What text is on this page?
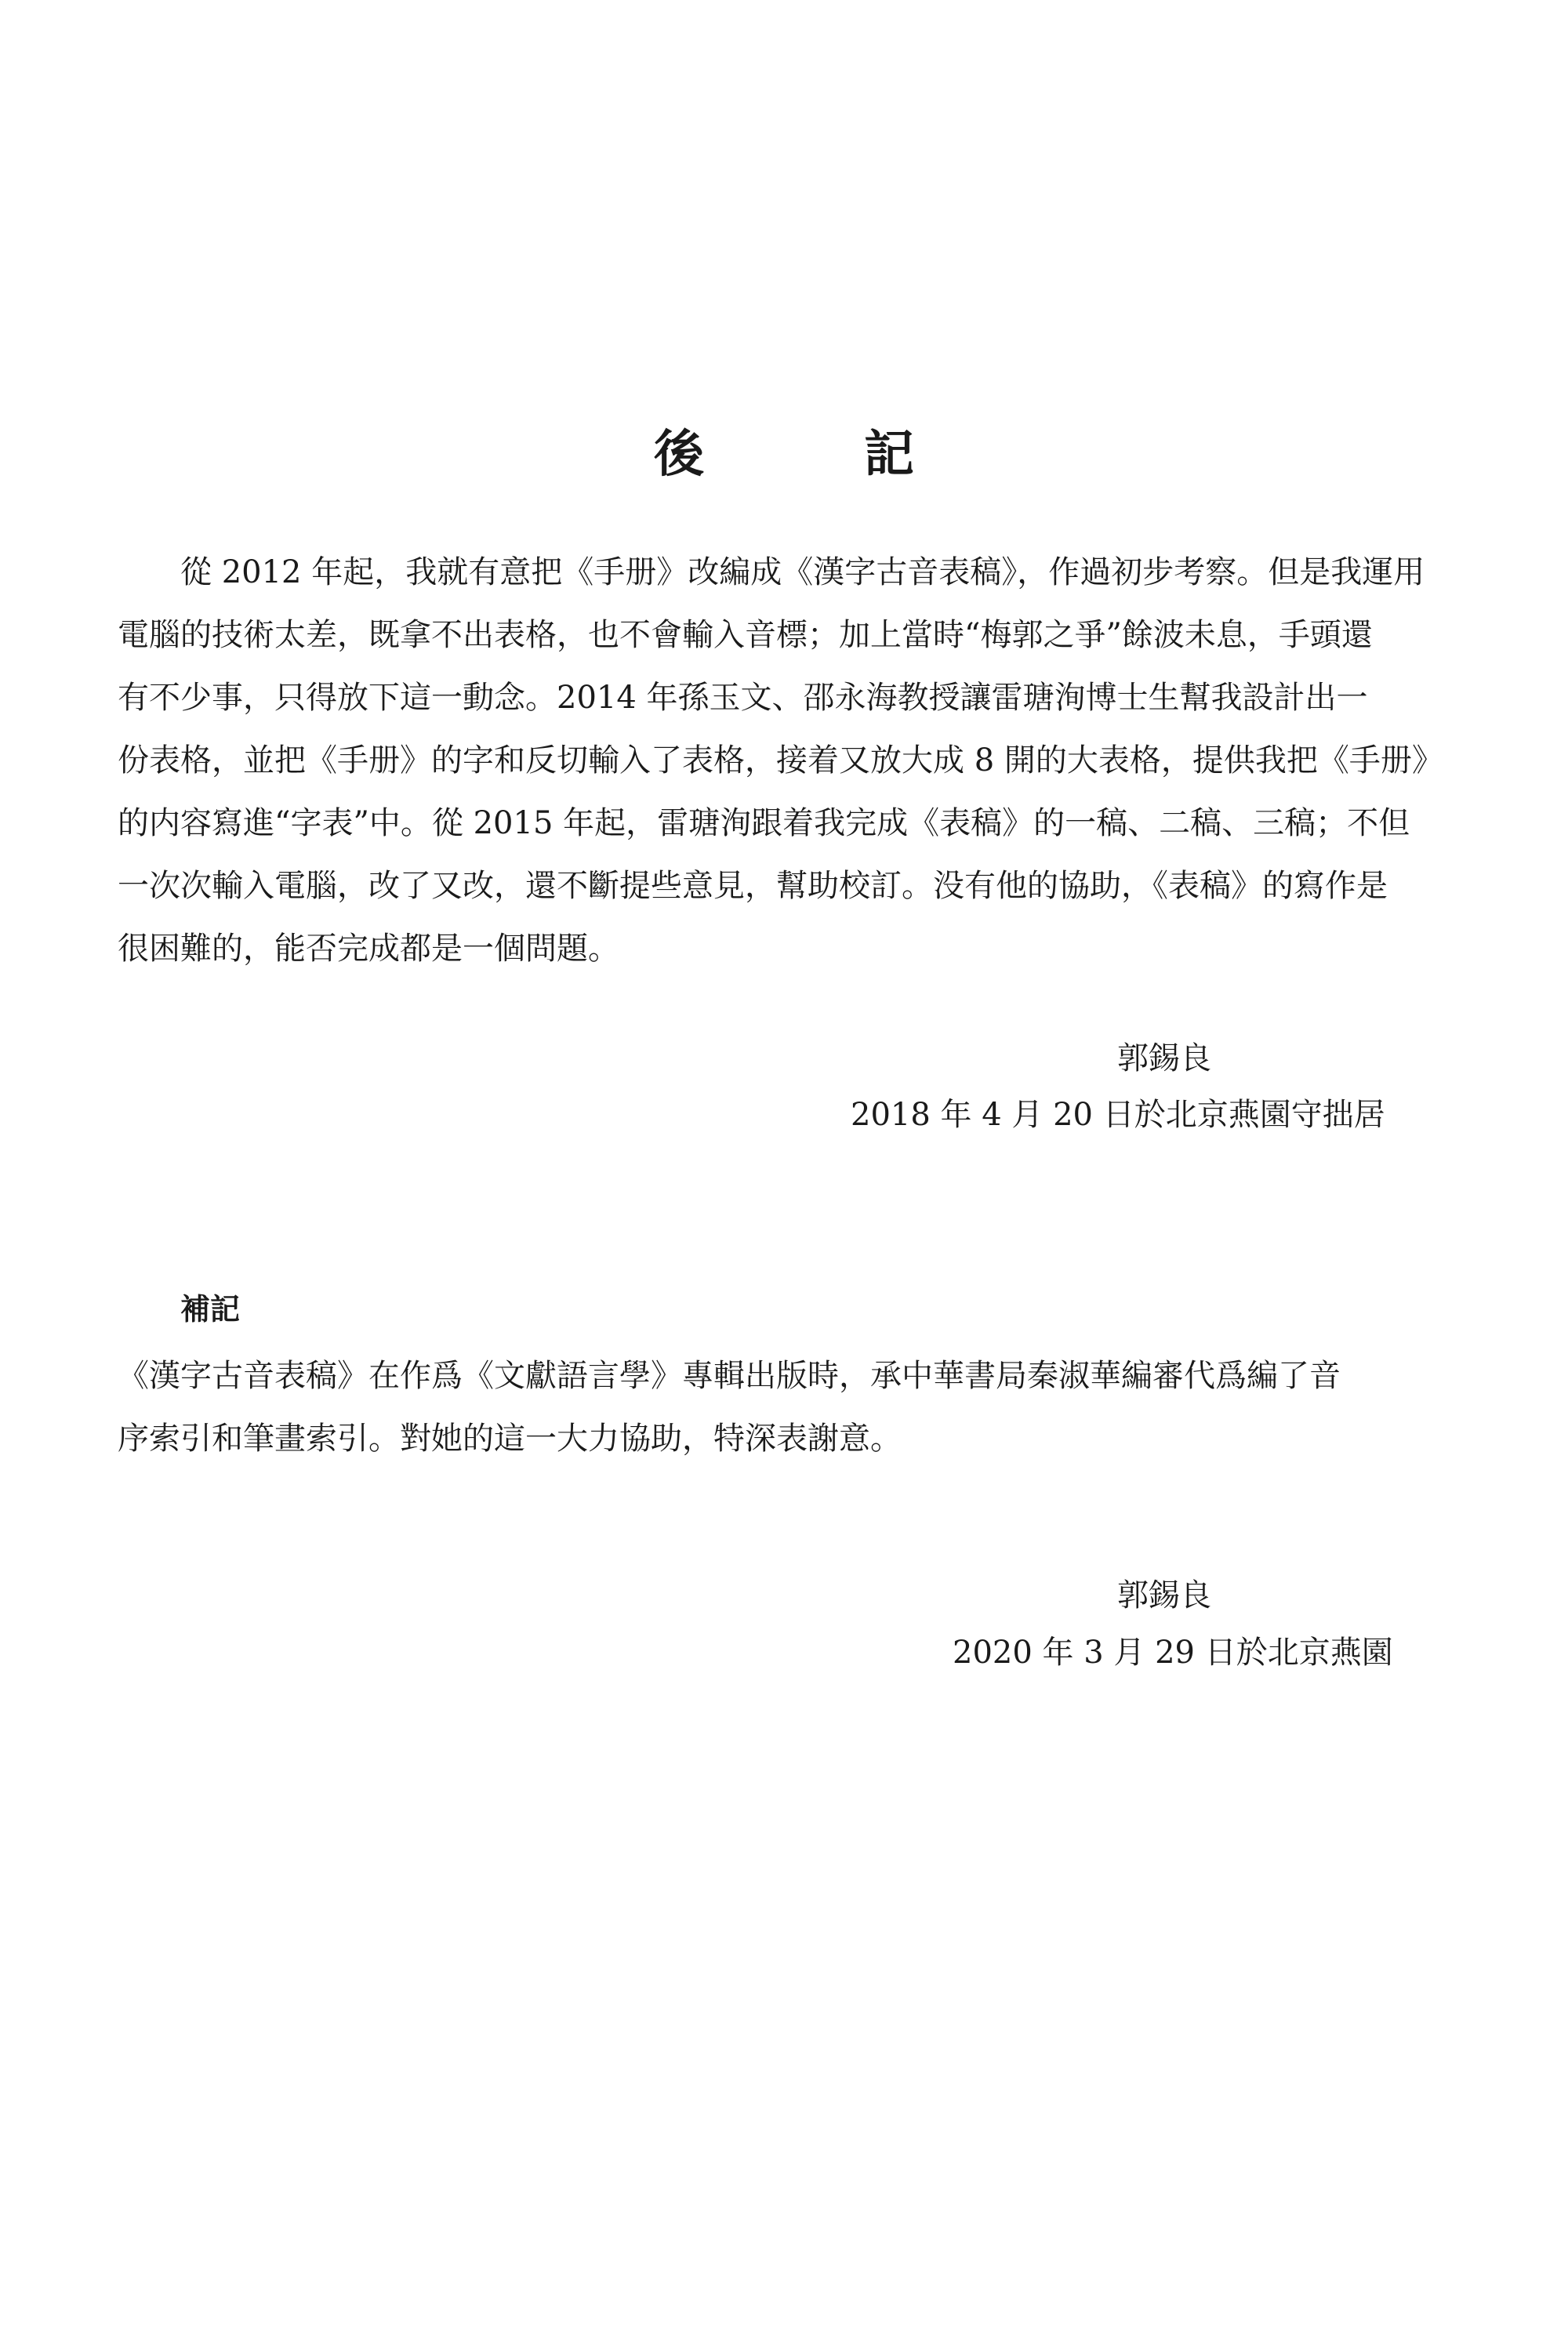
後　記
從 2012 年起，我就有意把《手册》改編成《漢字古音表稿》，作過初步考察。但是我運用
電腦的技術太差，既拿不出表格，也不會輸入音標；加上當時“梅郭之爭”餘波未息，手頭還
有不少事，只得放下這一動念。2014 年孫玉文、邵永海教授讓雷瑭洵博士生幫我設計出一
份表格，並把《手册》的字和反切輸入了表格，接着又放大成 8 開的大表格，提供我把《手册》
的内容寫進“字表”中。從 2015 年起，雷瑭洵跟着我完成《表稿》的一稿、二稿、三稿；不但
一次次輸入電腦，改了又改，還不斷提些意見，幫助校訂。没有他的協助，《表稿》的寫作是
很困難的，能否完成都是一個問題。
郭錫良
2018 年 4 月 20 日於北京燕園守拙居
補記
《漢字古音表稿》在作爲《文獻語言學》專輯出版時，承中華書局秦淑華編審代爲編了音
序索引和筆畫索引。對她的這一大力協助，特深表謝意。
郭錫良
2020 年 3 月 29 日於北京燕園
